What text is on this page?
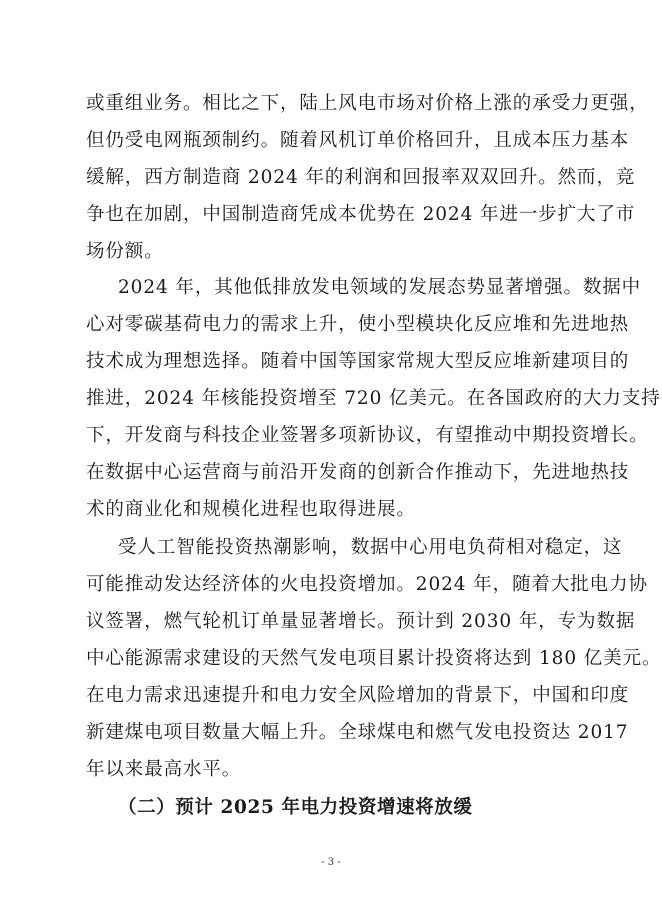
或重组业务。相比之下，陆上风电市场对价格上涨的承受力更强，
但仍受电网瓶颈制约。随着风机订单价格回升，且成本压力基本
缓解，西方制造商 2024 年的利润和回报率双双回升。然而，竞
争也在加剧，中国制造商凭成本优势在 2024 年进一步扩大了市
场份额。
2024 年，其他低排放发电领域的发展态势显著增强。数据中
心对零碳基荷电力的需求上升，使小型模块化反应堆和先进地热
技术成为理想选择。随着中国等国家常规大型反应堆新建项目的
推进，2024 年核能投资增至 720 亿美元。在各国政府的大力支持
下，开发商与科技企业签署多项新协议，有望推动中期投资增长。
在数据中心运营商与前沿开发商的创新合作推动下，先进地热技
术的商业化和规模化进程也取得进展。
受人工智能投资热潮影响，数据中心用电负荷相对稳定，这
可能推动发达经济体的火电投资增加。2024 年，随着大批电力协
议签署，燃气轮机订单量显著增长。预计到 2030 年，专为数据
中心能源需求建设的天然气发电项目累计投资将达到 180 亿美元。
在电力需求迅速提升和电力安全风险增加的背景下，中国和印度
新建煤电项目数量大幅上升。全球煤电和燃气发电投资达 2017
年以来最高水平。
（二）预计 2025 年电力投资增速将放缓
- 3 -
